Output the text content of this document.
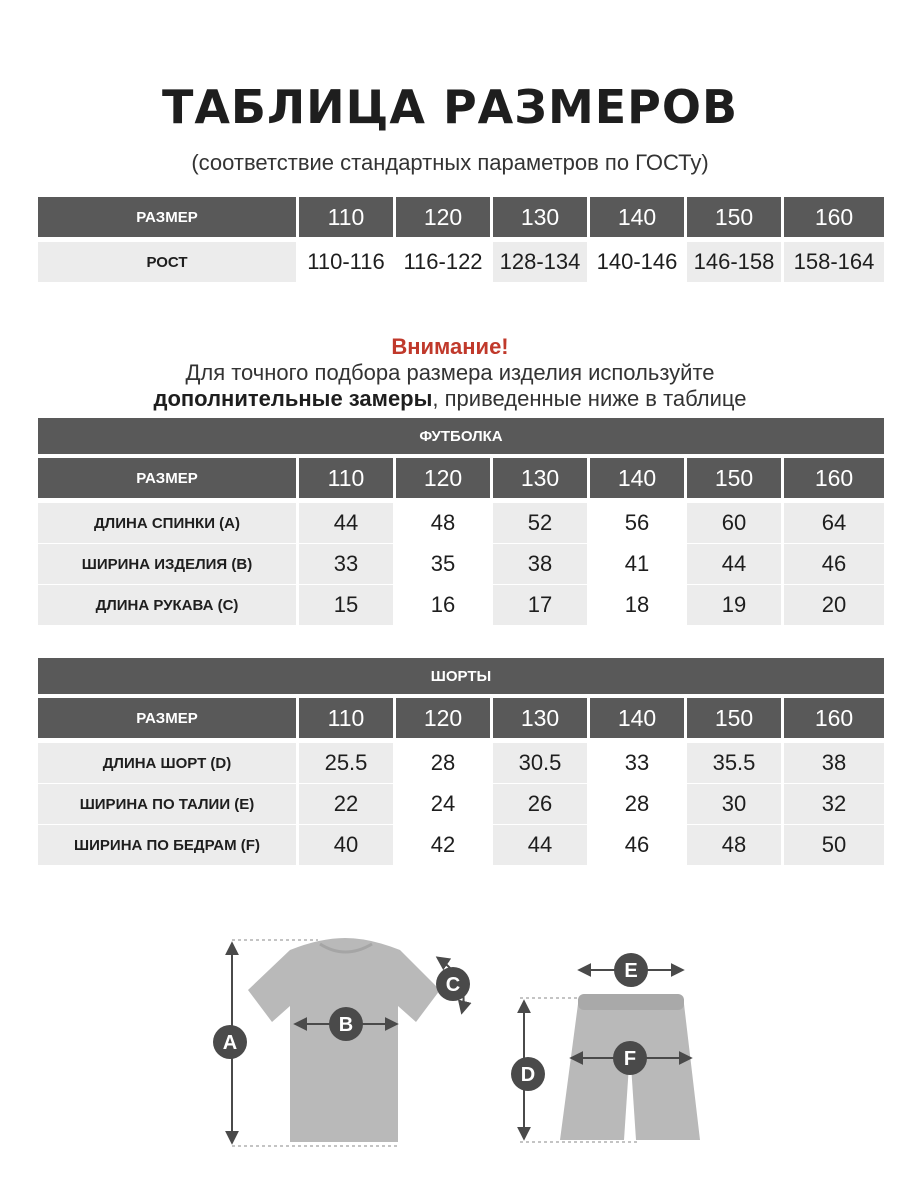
ТАБЛИЦА РАЗМЕРОВ
(соответствие стандартных параметров по ГОСТу)
РАЗМЕР	110	120	130	140	150	160
РОСТ	110-116 116-122 128-134 140-146 146-158 158-164
Внимание!
Для точного подбора размера изделия используйте
дополнительные замеры, приведенные ниже в таблице
ФУТБОЛКА
РАЗМЕР	110	120	130	140	150	160
ДЛИНА СПИНКИ (А)	44	48	52	56	60	64
ШИРИНА ИЗДЕЛИЯ (В)	33	35	38	41	44	46
ДЛИНА РУКАВА (С)	15	16	17	18	19	20
ШОРТЫ
РАЗМЕР	110	120	130	140	150	160
ДЛИНА ШОРТ (D)	25.5	28	30.5	33	35.5	38
ШИРИНА ПО ТАЛИИ (Е)	22	24	26	28	30	32
ШИРИНА ПО БЕДРАМ (F)	40	42	44	46	48	50
A
B
C
D
E
F
